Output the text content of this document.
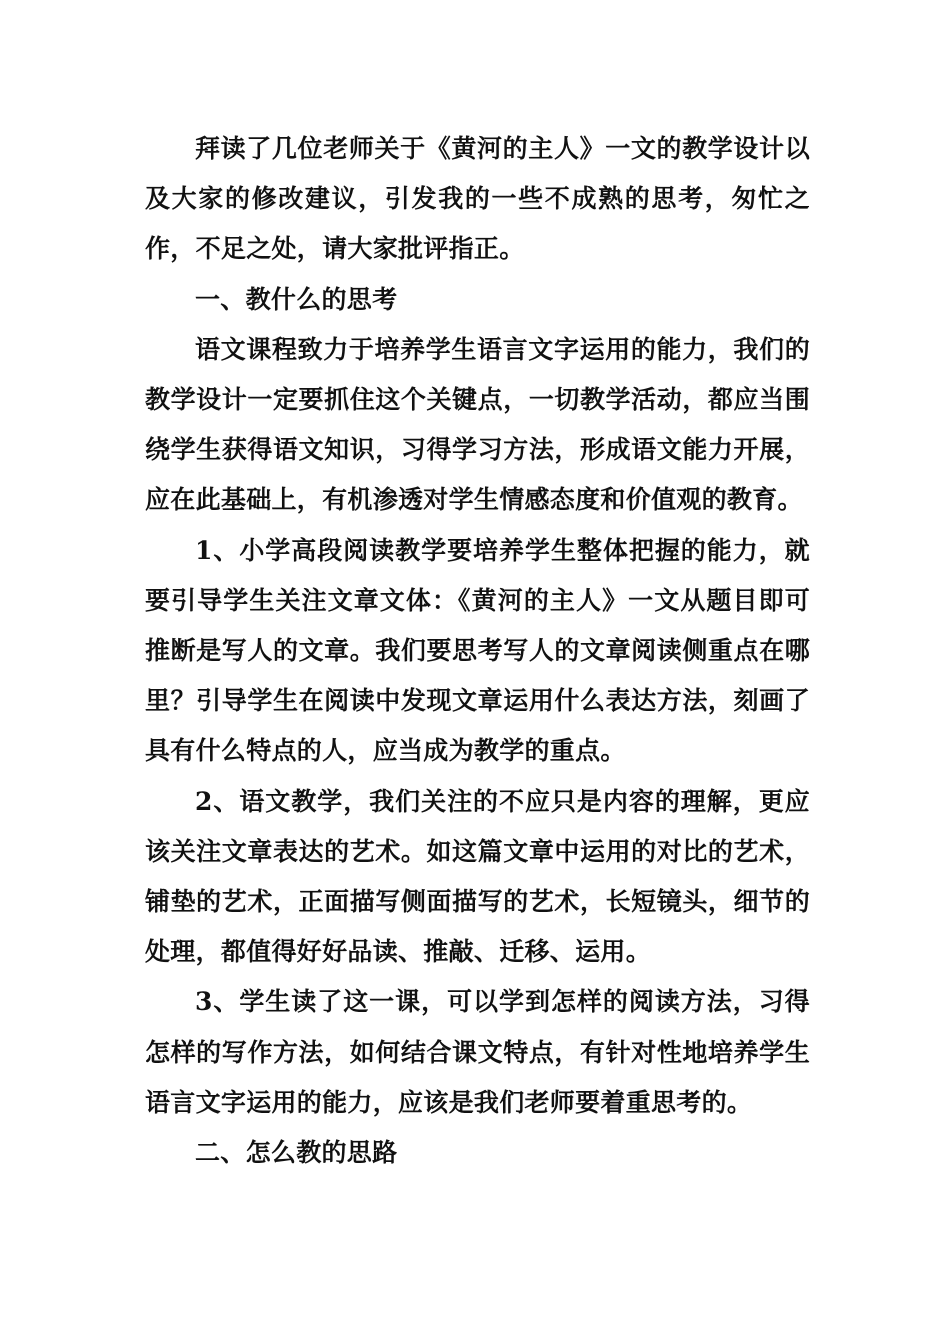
拜读了几位老师关于《黄河的主人》一文的教学设计以及大家的修改建议，引发我的一些不成熟的思考，匆忙之作，不足之处，请大家批评指正。

一、教什么的思考

语文课程致力于培养学生语言文字运用的能力，我们的教学设计一定要抓住这个关键点，一切教学活动，都应当围绕学生获得语文知识，习得学习方法，形成语文能力开展，应在此基础上，有机渗透对学生情感态度和价值观的教育。

1、小学高段阅读教学要培养学生整体把握的能力，就要引导学生关注文章文体：《黄河的主人》一文从题目即可推断是写人的文章。我们要思考写人的文章阅读侧重点在哪里？引导学生在阅读中发现文章运用什么表达方法，刻画了具有什么特点的人，应当成为教学的重点。

2、语文教学，我们关注的不应只是内容的理解，更应该关注文章表达的艺术。如这篇文章中运用的对比的艺术，铺垫的艺术，正面描写侧面描写的艺术，长短镜头，细节的处理，都值得好好品读、推敲、迁移、运用。

3、学生读了这一课，可以学到怎样的阅读方法，习得怎样的写作方法，如何结合课文特点，有针对性地培养学生语言文字运用的能力，应该是我们老师要着重思考的。

二、怎么教的思路
